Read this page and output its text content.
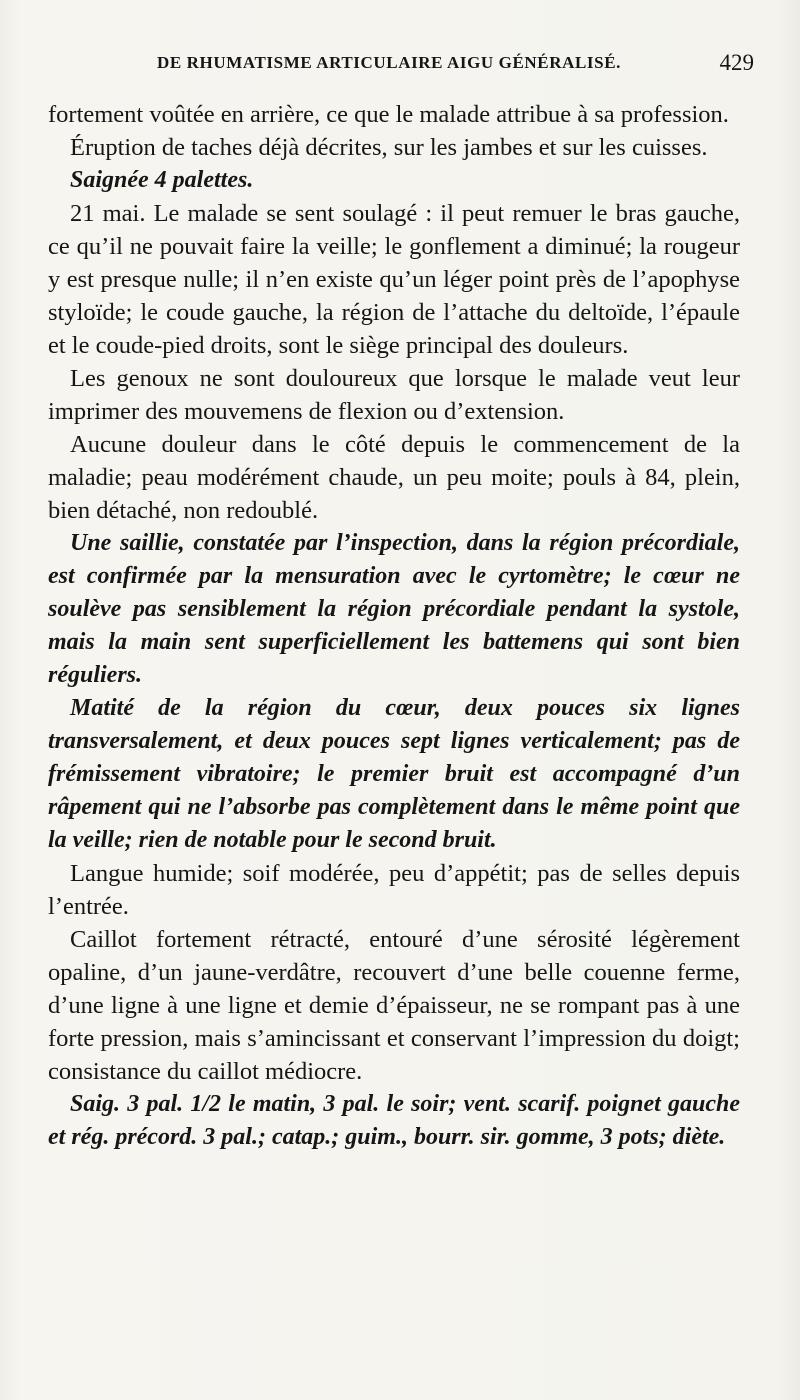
DE RHUMATISME ARTICULAIRE AIGU GÉNÉRALISÉ.	429

fortement voûtée en arrière, ce que le malade attribue à sa profession.

Éruption de taches déjà décrites, sur les jambes et sur les cuisses.

Saignée 4 palettes.

21 mai. Le malade se sent soulagé : il peut remuer le bras gauche, ce qu’il ne pouvait faire la veille; le gonflement a diminué; la rougeur y est presque nulle; il n’en existe qu’un léger point près de l’apophyse styloïde; le coude gauche, la région de l’attache du deltoïde, l’épaule et le coude-pied droits, sont le siège principal des douleurs.

Les genoux ne sont douloureux que lorsque le malade veut leur imprimer des mouvemens de flexion ou d’extension.

Aucune douleur dans le côté depuis le commencement de la maladie; peau modérément chaude, un peu moite; pouls à 84, plein, bien détaché, non redoublé.

Une saillie, constatée par l’inspection, dans la région précordiale, est confirmée par la mensuration avec le cyrtomètre; le cœur ne soulève pas sensiblement la région précordiale pendant la systole, mais la main sent superficiellement les battemens qui sont bien réguliers.

Matité de la région du cœur, deux pouces six lignes transversalement, et deux pouces sept lignes verticalement; pas de frémissement vibratoire; le premier bruit est accompagné d’un râpement qui ne l’absorbe pas complètement dans le même point que la veille; rien de notable pour le second bruit.

Langue humide; soif modérée, peu d’appétit; pas de selles depuis l’entrée.

Caillot fortement rétracté, entouré d’une sérosité légèrement opaline, d’un jaune-verdâtre, recouvert d’une belle couenne ferme, d’une ligne à une ligne et demie d’épaisseur, ne se rompant pas à une forte pression, mais s’amincissant et conservant l’impression du doigt; consistance du caillot médiocre.

Saig. 3 pal. 1/2 le matin, 3 pal. le soir; vent. scarif. poignet gauche et rég. précord. 3 pal.; catap.; guim., bourr. sir. gomme, 3 pots; diète.
